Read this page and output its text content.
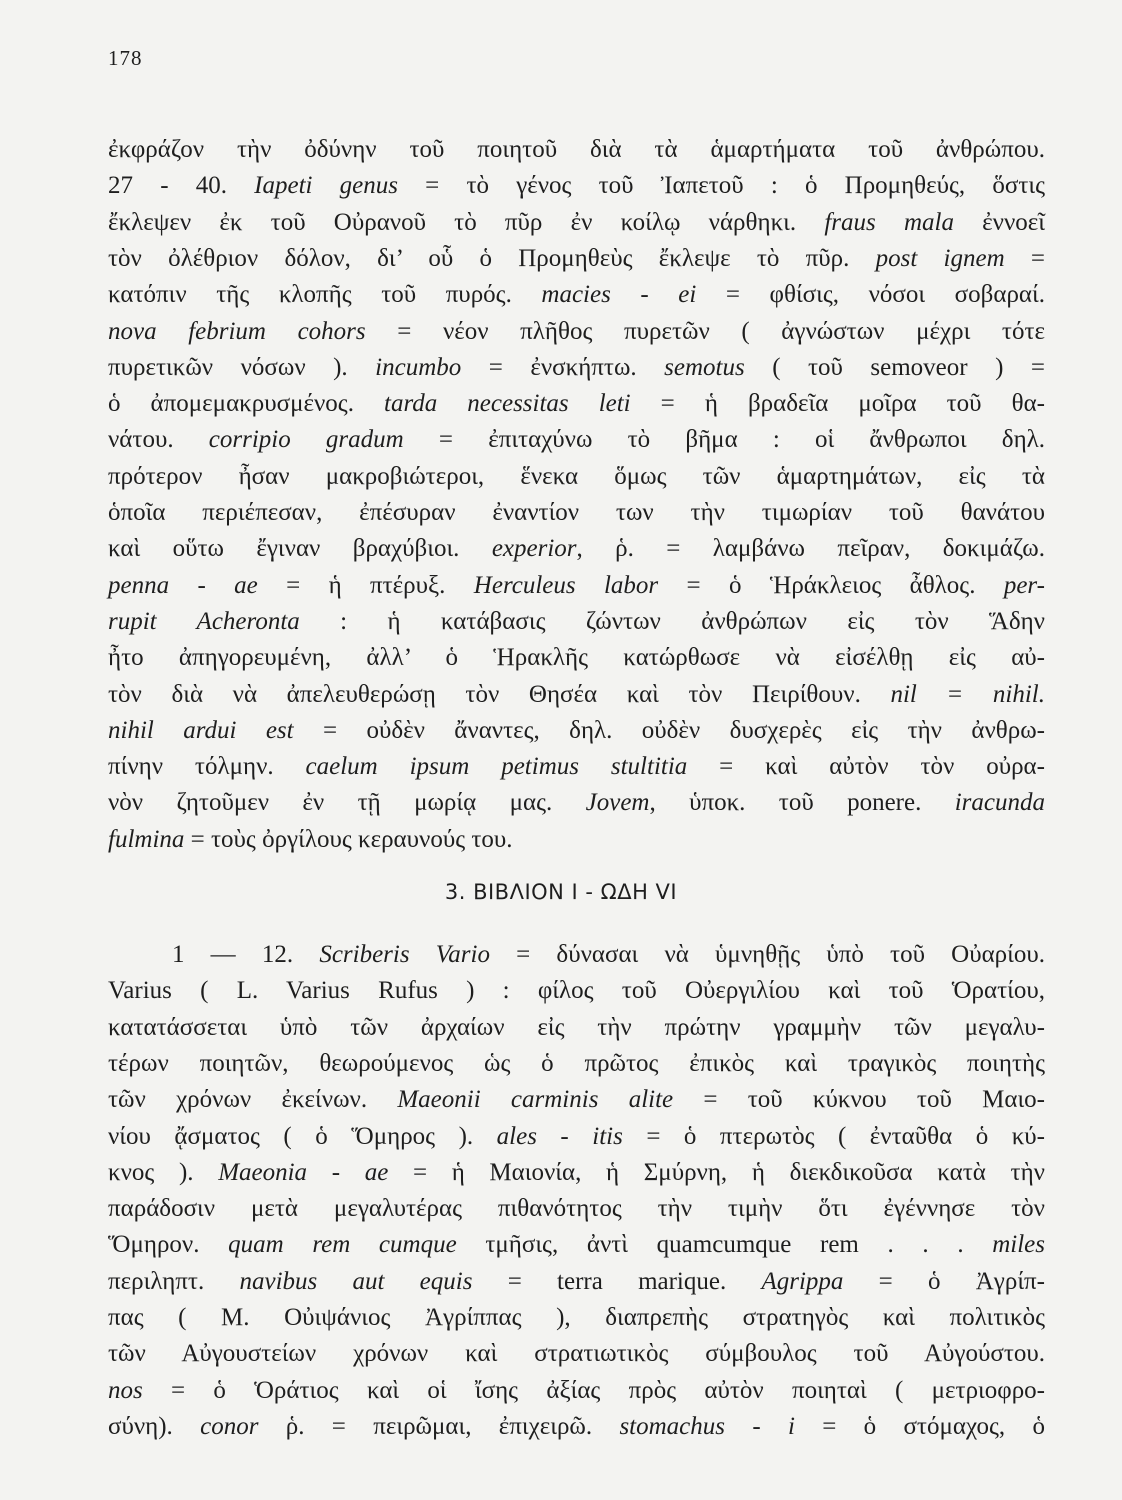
178
ἐκφράζον τὴν ὀδύνην τοῦ ποιητοῦ διὰ τὰ ἁμαρτήματα τοῦ ἀνθρώπου.
27 - 40. Iapeti genus = τὸ γένος τοῦ Ἰαπετοῦ : ὁ Προμηθεύς, ὅστις
ἔκλεψεν ἐκ τοῦ Οὐρανοῦ τὸ πῦρ ἐν κοίλῳ νάρθηκι. fraus mala ἐννοεῖ
τὸν ὀλέθριον δόλον, δι’ οὗ ὁ Προμηθεὺς ἔκλεψε τὸ πῦρ. post ignem =
κατόπιν τῆς κλοπῆς τοῦ πυρός. macies - ei = φθίσις, νόσοι σοβαραί.
nova febrium cohors = νέον πλῆθος πυρετῶν ( ἀγνώστων μέχρι τότε
πυρετικῶν νόσων ). incumbo = ἐνσκήπτω. semotus ( τοῦ semoveor ) =
ὁ ἀπομεμακρυσμένος. tarda necessitas leti = ἡ βραδεῖα μοῖρα τοῦ θα-
νάτου. corripio gradum = ἐπιταχύνω τὸ βῆμα : οἱ ἄνθρωποι δηλ.
πρότερον ἦσαν μακροβιώτεροι, ἕνεκα ὅμως τῶν ἁμαρτημάτων, εἰς τὰ
ὁποῖα περιέπεσαν, ἐπέσυραν ἐναντίον των τὴν τιμωρίαν τοῦ θανάτου
καὶ οὕτω ἔγιναν βραχύβιοι. experior, ῥ. = λαμβάνω πεῖραν, δοκιμάζω.
penna - ae = ἡ πτέρυξ. Herculeus labor = ὁ Ἡράκλειος ἆθλος. per-
rupit Acheronta : ἡ κατάβασις ζώντων ἀνθρώπων εἰς τὸν Ἅδην
ἦτο ἀπηγορευμένη, ἀλλ’ ὁ Ἡρακλῆς κατώρθωσε νὰ εἰσέλθῃ εἰς αὐ-
τὸν διὰ νὰ ἀπελευθερώσῃ τὸν Θησέα καὶ τὸν Πειρίθουν. nil = nihil.
nihil ardui est = οὐδὲν ἄναντες, δηλ. οὐδὲν δυσχερὲς εἰς τὴν ἀνθρω-
πίνην τόλμην. caelum ipsum petimus stultitia = καὶ αὐτὸν τὸν οὐρα-
νὸν ζητοῦμεν ἐν τῇ μωρίᾳ μας. Jovem, ὑποκ. τοῦ ponere. iracunda
fulmina = τοὺς ὀργίλους κεραυνούς του.
3. ΒΙΒΛΙΟΝ Ι - ΩΔΗ VI
1 — 12. Scriberis Vario = δύνασαι νὰ ὑμνηθῇς ὑπὸ τοῦ Οὐαρίου.
Varius ( L. Varius Rufus ) : φίλος τοῦ Οὐεργιλίου καὶ τοῦ Ὁρατίου,
κατατάσσεται ὑπὸ τῶν ἀρχαίων εἰς τὴν πρώτην γραμμὴν τῶν μεγαλυ-
τέρων ποιητῶν, θεωρούμενος ὡς ὁ πρῶτος ἐπικὸς καὶ τραγικὸς ποιητὴς
τῶν χρόνων ἐκείνων. Maeonii carminis alite = τοῦ κύκνου τοῦ Μαιο-
νίου ᾄσματος ( ὁ Ὅμηρος ). ales - itis = ὁ πτερωτὸς ( ἐνταῦθα ὁ κύ-
κνος ). Maeonia - ae = ἡ Μαιονία, ἡ Σμύρνη, ἡ διεκδικοῦσα κατὰ τὴν
παράδοσιν μετὰ μεγαλυτέρας πιθανότητος τὴν τιμὴν ὅτι ἐγέννησε τὸν
Ὅμηρον. quam rem cumque τμῆσις, ἀντὶ quamcumque rem . . . miles
περιληπτ. navibus aut equis = terra marique. Agrippa = ὁ Ἀγρίπ-
πας ( Μ. Οὐιψάνιος Ἀγρίππας ), διαπρεπὴς στρατηγὸς καὶ πολιτικὸς
τῶν Αὐγουστείων χρόνων καὶ στρατιωτικὸς σύμβουλος τοῦ Αὐγούστου.
nos = ὁ Ὁράτιος καὶ οἱ ἴσης ἀξίας πρὸς αὐτὸν ποιηταὶ ( μετριοφρο-
σύνη). conor ῥ. = πειρῶμαι, ἐπιχειρῶ. stomachus - i = ὁ στόμαχος, ὁ
